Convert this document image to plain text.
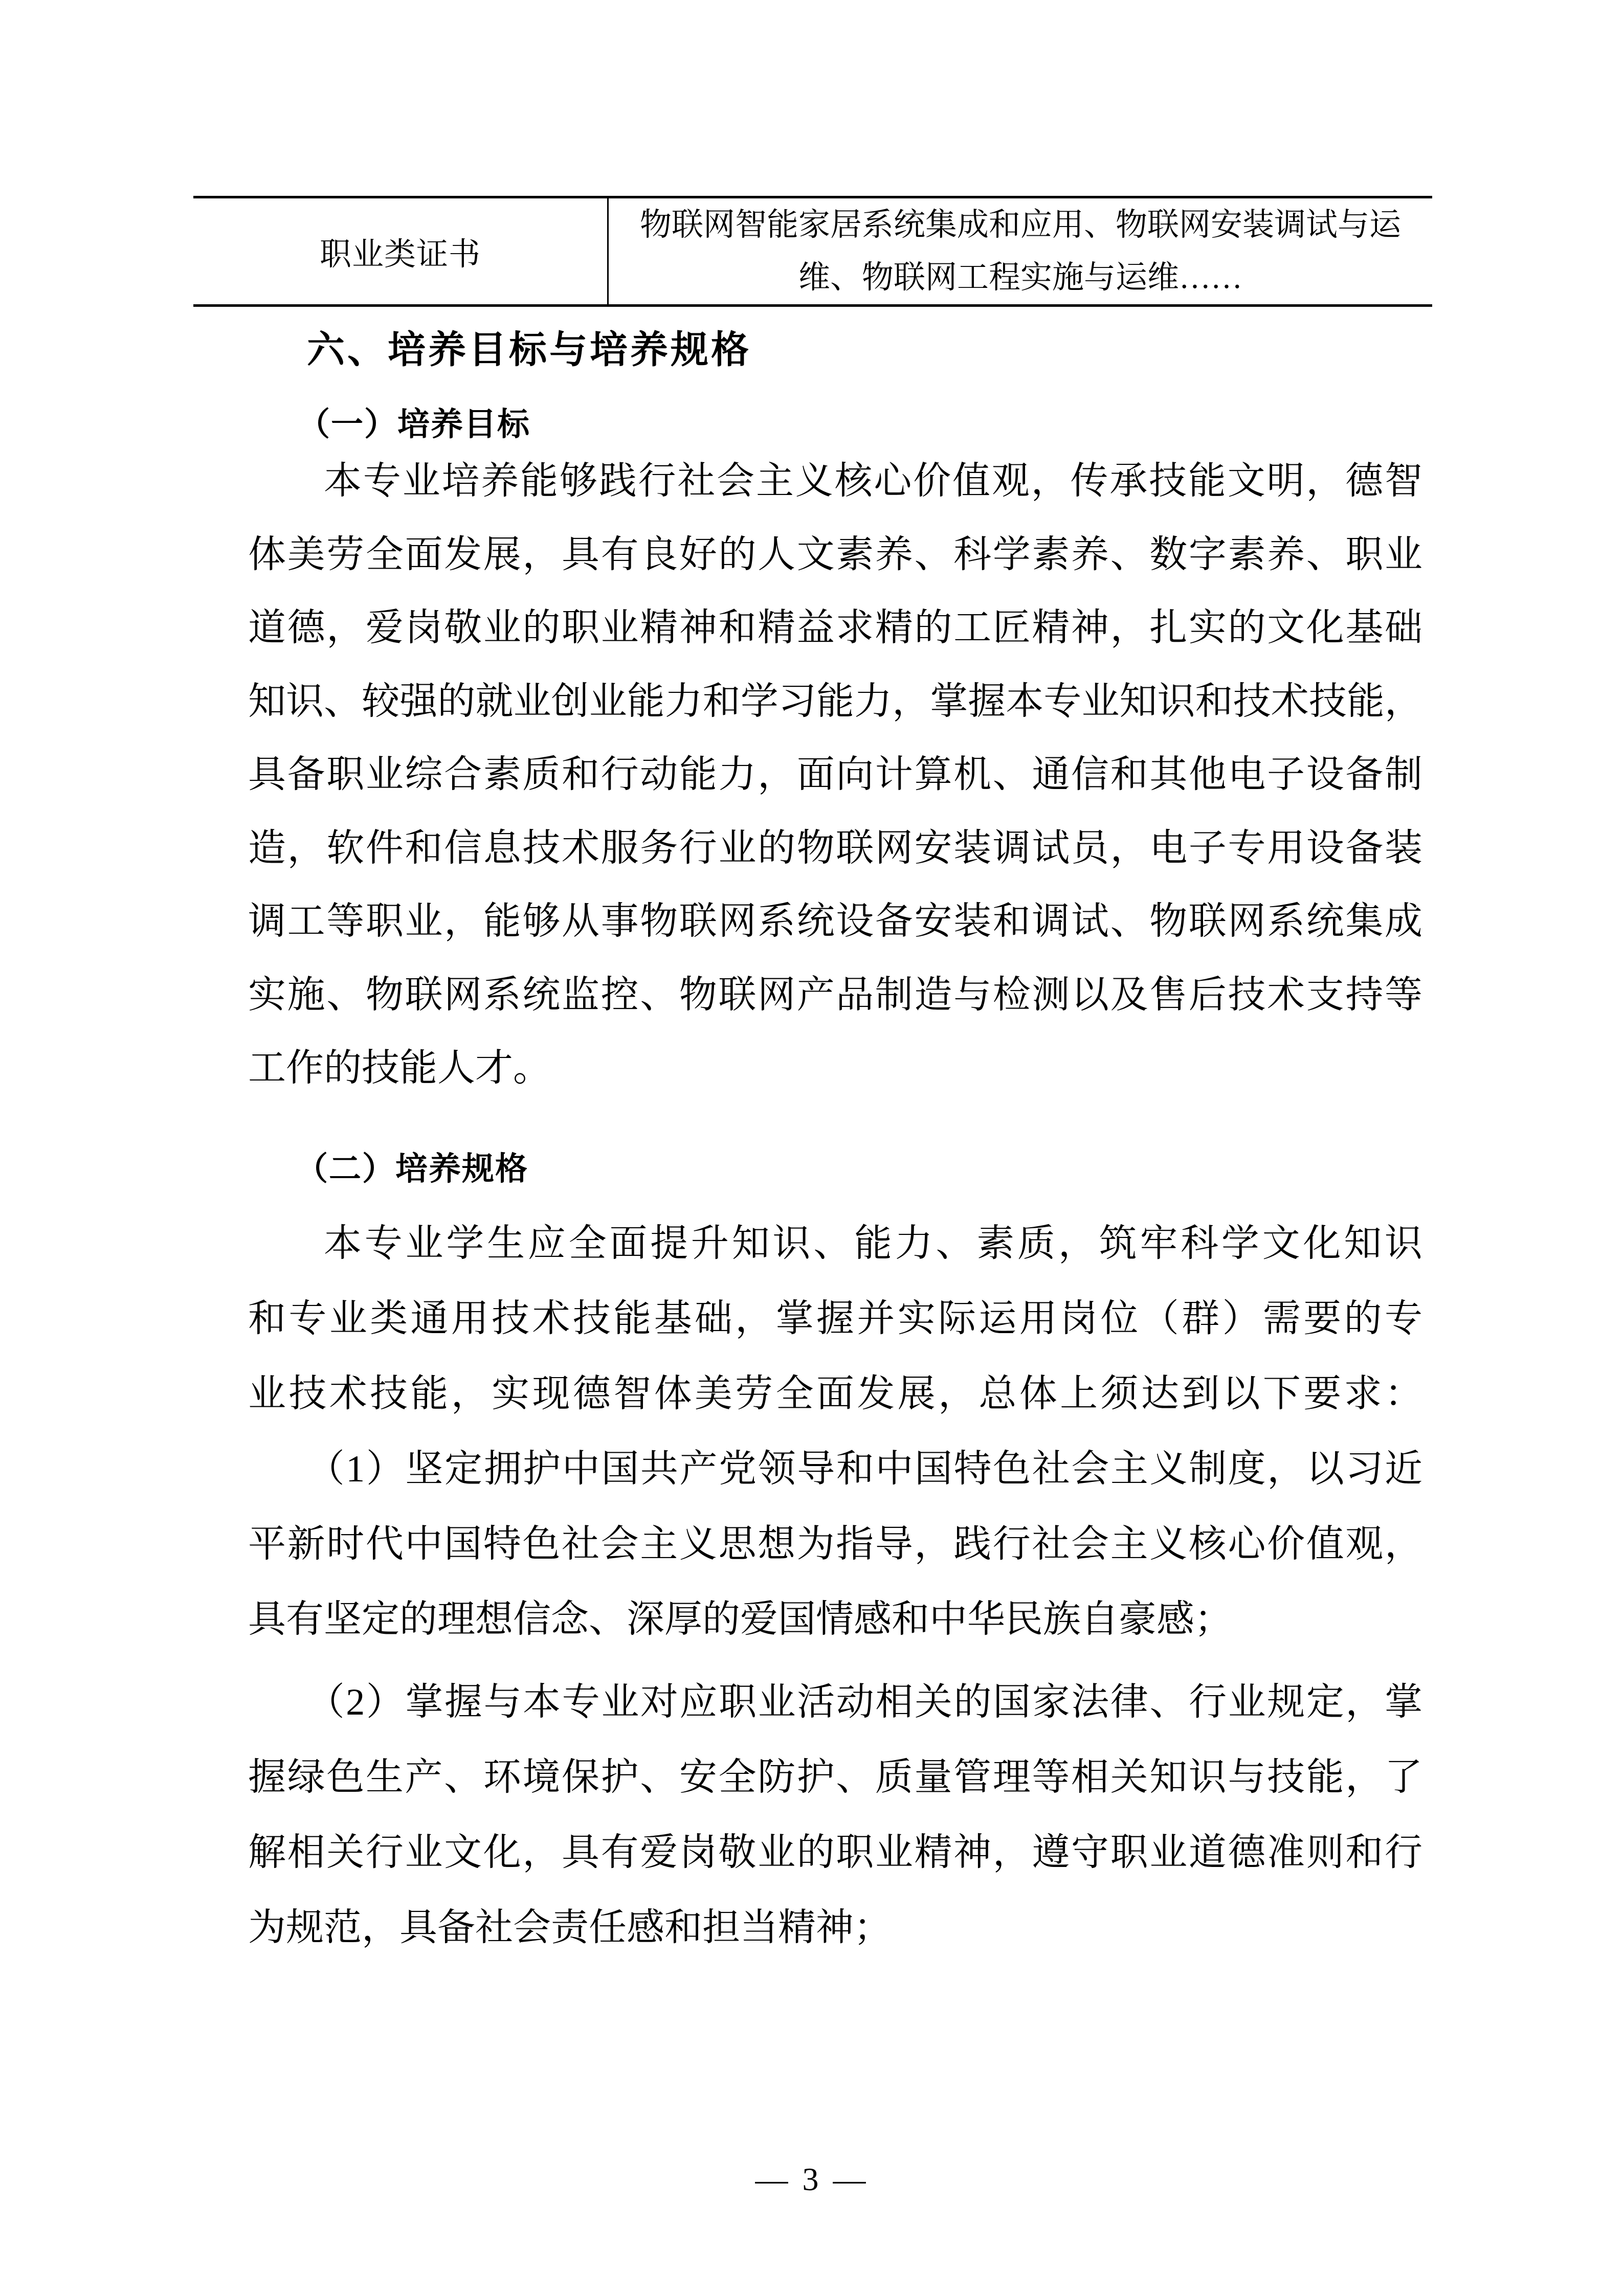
职业类证书
物联网智能家居系统集成和应用、物联网安装调试与运
维、物联网工程实施与运维……
六、培养目标与培养规格
（一）培养目标
本专业培养能够践行社会主义核心价值观，传承技能文明，德智
体美劳全面发展，具有良好的人文素养、科学素养、数字素养、职业
道德，爱岗敬业的职业精神和精益求精的工匠精神，扎实的文化基础
知识、较强的就业创业能力和学习能力，掌握本专业知识和技术技能，
具备职业综合素质和行动能力，面向计算机、通信和其他电子设备制
造，软件和信息技术服务行业的物联网安装调试员，电子专用设备装
调工等职业，能够从事物联网系统设备安装和调试、物联网系统集成
实施、物联网系统监控、物联网产品制造与检测以及售后技术支持等
工作的技能人才。
（二）培养规格
本专业学生应全面提升知识、能力、素质，筑牢科学文化知识
和专业类通用技术技能基础，掌握并实际运用岗位（群）需要的专
业技术技能，实现德智体美劳全面发展，总体上须达到以下要求：
（1）坚定拥护中国共产党领导和中国特色社会主义制度，以习近
平新时代中国特色社会主义思想为指导，践行社会主义核心价值观，
具有坚定的理想信念、深厚的爱国情感和中华民族自豪感；
（2）掌握与本专业对应职业活动相关的国家法律、行业规定，掌
握绿色生产、环境保护、安全防护、质量管理等相关知识与技能，了
解相关行业文化，具有爱岗敬业的职业精神，遵守职业道德准则和行
为规范，具备社会责任感和担当精神；
— 3 —
